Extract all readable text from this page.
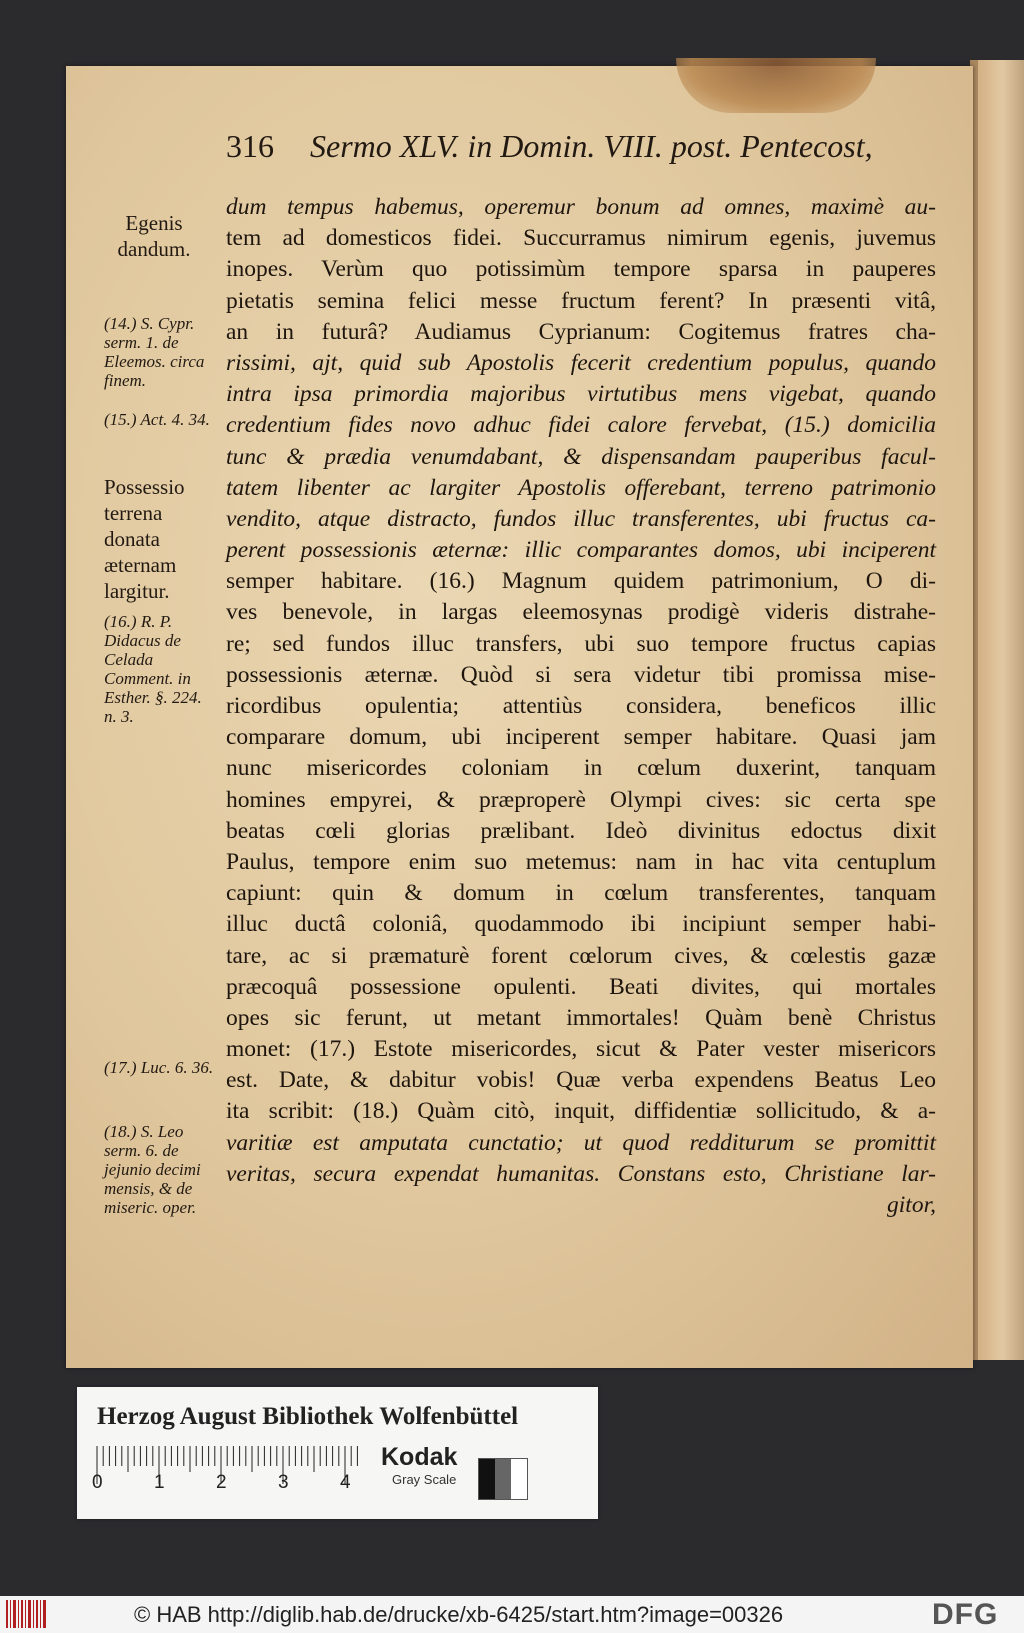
316 Sermo XLV. in Domin. VIII. post. Pentecost,
Egenis dandum.
(14.) S. Cypr. serm. 1. de Eleemos. circa finem.
(15.) Act. 4. 34.
Possessio terrena donata æternam largitur.
(16.) R. P. Didacus de Celada Comment. in Esther. §. 224. n. 3.
(17.) Luc. 6. 36.
(18.) S. Leo serm. 6. de jejunio decimi mensis, & de miseric. oper.
dum tempus habemus, operemur bonum ad omnes, maximè au-
tem ad domesticos fidei. Succurramus nimirum egenis, juvemus
inopes. Verùm quo potissimùm tempore sparsa in pauperes
pietatis semina felici messe fructum ferent? In præsenti vitâ,
an in futurâ? Audiamus Cyprianum: Cogitemus fratres cha-
rissimi, ajt, quid sub Apostolis fecerit credentium populus, quando
intra ipsa primordia majoribus virtutibus mens vigebat, quando
credentium fides novo adhuc fidei calore fervebat, (15.) domicilia
tunc & prædia venumdabant, & dispensandam pauperibus facul-
tatem libenter ac largiter Apostolis offerebant, terreno patrimonio
vendito, atque distracto, fundos illuc transferentes, ubi fructus ca-
perent possessionis æternæ: illic comparantes domos, ubi inciperent
semper habitare. (16.) Magnum quidem patrimonium, O di-
ves benevole, in largas eleemosynas prodigè videris distrahe-
re; sed fundos illuc transfers, ubi suo tempore fructus capias
possessionis æternæ. Quòd si sera videtur tibi promissa mise-
ricordibus opulentia; attentiùs considera, beneficos illic
comparare domum, ubi inciperent semper habitare. Quasi jam
nunc misericordes coloniam in cœlum duxerint, tanquam
homines empyrei, & præproperè Olympi cives: sic certa spe
beatas cœli glorias prælibant. Ideò divinitus edoctus dixit
Paulus, tempore enim suo metemus: nam in hac vita centuplum
capiunt: quin & domum in cœlum transferentes, tanquam
illuc ductâ coloniâ, quodammodo ibi incipiunt semper habi-
tare, ac si præmaturè forent cœlorum cives, & cœlestis gazæ
præcoquâ possessione opulenti. Beati divites, qui mortales
opes sic ferunt, ut metant immortales! Quàm benè Christus
monet: (17.) Estote misericordes, sicut & Pater vester misericors
est. Date, & dabitur vobis! Quæ verba expendens Beatus Leo
ita scribit: (18.) Quàm citò, inquit, diffidentiæ sollicitudo, & a-
varitiæ est amputata cunctatio; ut quod redditurum se promittit
veritas, secura expendat humanitas. Constans esto, Christiane lar-
gitor,
Herzog August Bibliothek Wolfenbüttel
0	1	2	3	4
Kodak
Gray Scale
© HAB http://diglib.hab.de/drucke/xb-6425/start.htm?image=00326	DFG
